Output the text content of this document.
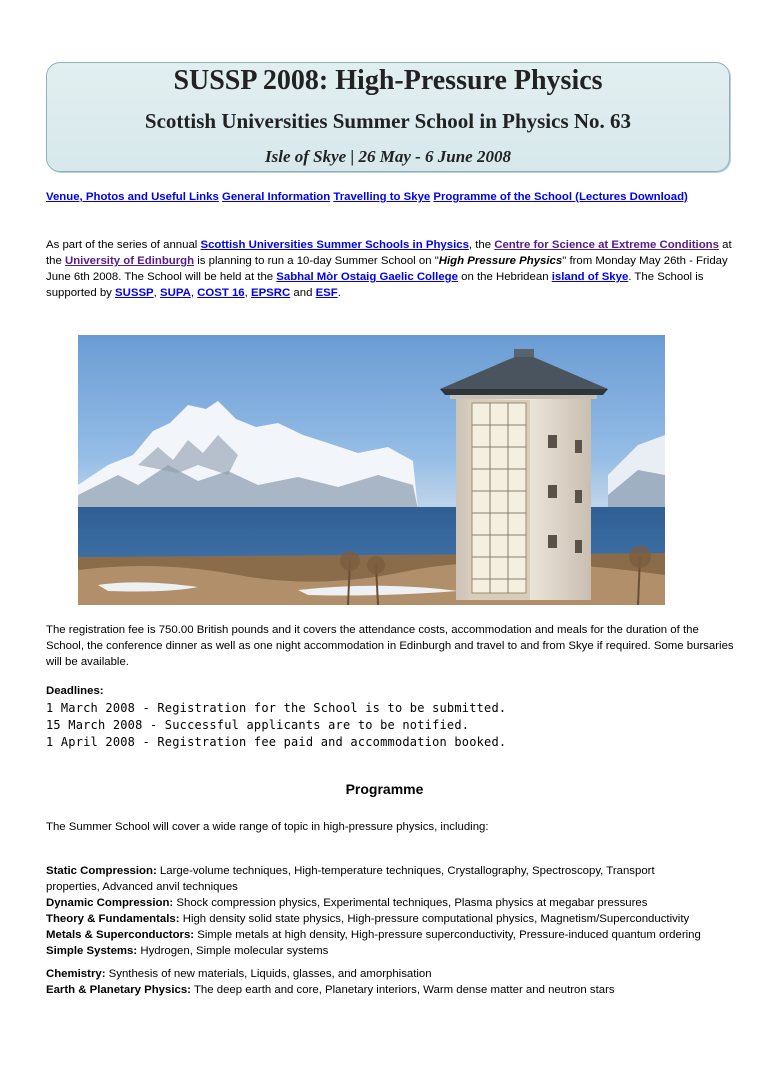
SUSSP 2008: High-Pressure Physics
Scottish Universities Summer School in Physics No. 63
Isle of Skye | 26 May - 6 June 2008
Venue, Photos and Useful Links General Information Travelling to Skye Programme of the School (Lectures Download)
As part of the series of annual Scottish Universities Summer Schools in Physics, the Centre for Science at Extreme Conditions at the University of Edinburgh is planning to run a 10-day Summer School on "High Pressure Physics" from Monday May 26th - Friday June 6th 2008. The School will be held at the Sabhal Mòr Ostaig Gaelic College on the Hebridean island of Skye. The School is supported by SUSSP, SUPA, COST 16, EPSRC and ESF.
The registration fee is 750.00 British pounds and it covers the attendance costs, accommodation and meals for the duration of the School, the conference dinner as well as one night accommodation in Edinburgh and travel to and from Skye if required. Some bursaries will be available.
Deadlines:
1 March 2008 - Registration for the School is to be submitted.
15 March 2008 - Successful applicants are to be notified.
1 April 2008 - Registration fee paid and accommodation booked.
Programme
The Summer School will cover a wide range of topic in high-pressure physics, including:
Static Compression: Large-volume techniques, High-temperature techniques, Crystallography, Spectroscopy, Transport properties, Advanced anvil techniques
Dynamic Compression: Shock compression physics, Experimental techniques, Plasma physics at megabar pressures
Theory & Fundamentals: High density solid state physics, High-pressure computational physics, Magnetism/Superconductivity
Metals & Superconductors: Simple metals at high density, High-pressure superconductivity, Pressure-induced quantum ordering
Simple Systems: Hydrogen, Simple molecular systems
Chemistry: Synthesis of new materials, Liquids, glasses, and amorphisation
Earth & Planetary Physics: The deep earth and core, Planetary interiors, Warm dense matter and neutron stars
